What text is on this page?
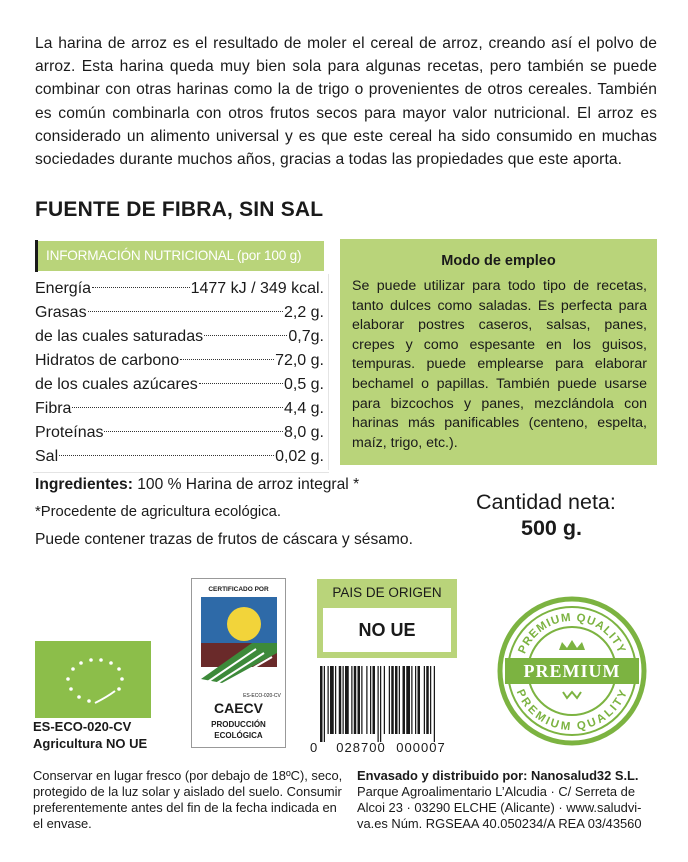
La harina de arroz es el resultado de moler el cereal de arroz, creando así el polvo de arroz. Esta harina queda muy bien sola para algunas recetas, pero también se puede combinar con otras harinas como la de trigo o provenientes de otros cereales. También es común combinarla con otros frutos secos para mayor valor nutricional. El arroz es considerado un alimento universal y es que este cereal ha sido consumido en muchas sociedades durante muchos años, gracias a todas las propiedades que este aporta.
FUENTE DE FIBRA, SIN SAL
INFORMACIÓN NUTRICIONAL (por 100 g)
Energía	1477 kJ / 349 kcal.
Grasas	2,2 g.
de las cuales saturadas	0,7g.
Hidratos de carbono	72,0 g.
de los cuales azúcares	0,5 g.
Fibra	4,4 g.
Proteínas	8,0 g.
Sal	0,02 g.
Modo de empleo
Se puede utilizar para todo tipo de recetas, tanto dulces como saladas. Es perfecta para elaborar postres caseros, salsas, panes, crepes y como espesante en los guisos, tempuras. puede emplearse para elaborar bechamel o papillas. También puede usarse para bizcochos y panes, mezclándola con harinas más panificables (centeno, espelta, maíz, trigo, etc.).
Ingredientes: 100 % Harina de arroz integral *
*Procedente de agricultura ecológica.
Puede contener trazas de frutos de cáscara y sésamo.
Cantidad neta:
500 g.
ES-ECO-020-CV
Agricultura NO UE
CERTIFICADO POR
ES-ECO-020-CV
CAECV
PRODUCCIÓN
ECOLÓGICA
PAIS DE ORIGEN
NO UE
0 028700 000007
PREMIUM QUALITY
PREMIUM QUALITY
PREMIUM
Conservar en lugar fresco (por debajo de 18ºC), seco, protegido de la luz solar y aislado del suelo. Consumir preferentemente antes del fin de la fecha indicada en el envase.
Envasado y distribuido por: Nanosalud32 S.L.
Parque Agroalimentario L’Alcudia · C/ Serreta de Alcoi 23 · 03290 ELCHE (Alicante) · www.saludvi-va.es Núm. RGSEAA 40.050234/A REA 03/43560
